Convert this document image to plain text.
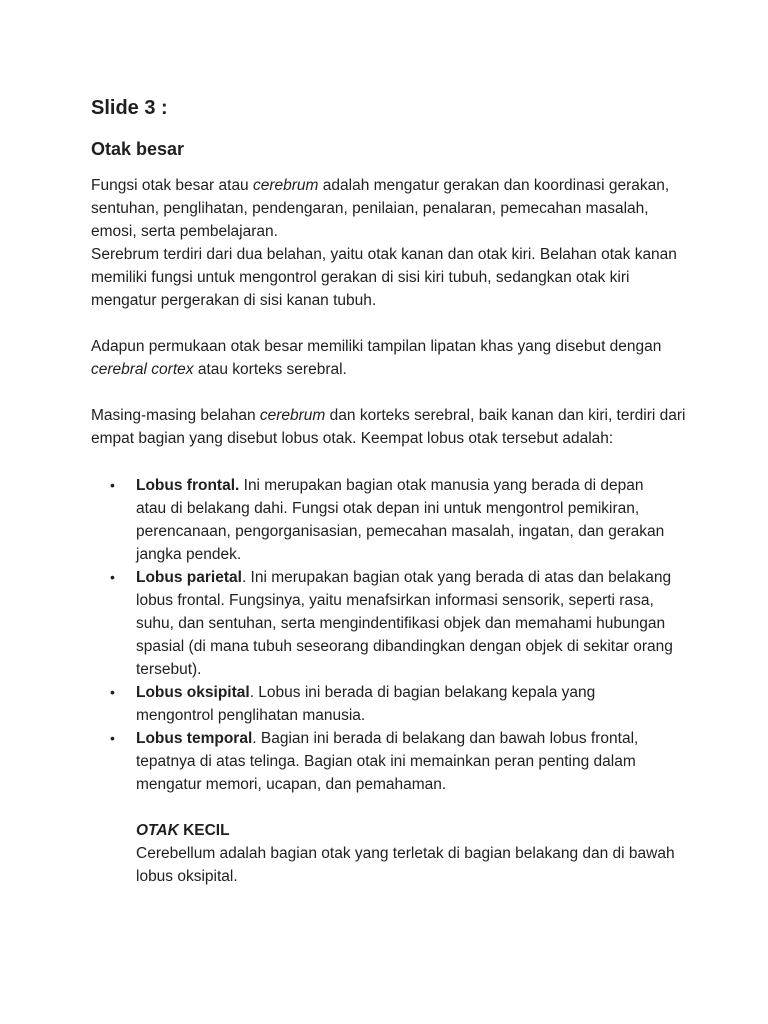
Slide 3 :
Otak besar

Fungsi otak besar atau cerebrum adalah mengatur gerakan dan koordinasi gerakan, sentuhan, penglihatan, pendengaran, penilaian, penalaran, pemecahan masalah, emosi, serta pembelajaran.

Serebrum terdiri dari dua belahan, yaitu otak kanan dan otak kiri. Belahan otak kanan memiliki fungsi untuk mengontrol gerakan di sisi kiri tubuh, sedangkan otak kiri mengatur pergerakan di sisi kanan tubuh.

Adapun permukaan otak besar memiliki tampilan lipatan khas yang disebut dengan cerebral cortex atau korteks serebral.

Masing-masing belahan cerebrum dan korteks serebral, baik kanan dan kiri, terdiri dari empat bagian yang disebut lobus otak. Keempat lobus otak tersebut adalah:

• Lobus frontal. Ini merupakan bagian otak manusia yang berada di depan atau di belakang dahi. Fungsi otak depan ini untuk mengontrol pemikiran, perencanaan, pengorganisasian, pemecahan masalah, ingatan, dan gerakan jangka pendek.
• Lobus parietal. Ini merupakan bagian otak yang berada di atas dan belakang lobus frontal. Fungsinya, yaitu menafsirkan informasi sensorik, seperti rasa, suhu, dan sentuhan, serta mengindentifikasi objek dan memahami hubungan spasial (di mana tubuh seseorang dibandingkan dengan objek di sekitar orang tersebut).
• Lobus oksipital. Lobus ini berada di bagian belakang kepala yang mengontrol penglihatan manusia.
• Lobus temporal. Bagian ini berada di belakang dan bawah lobus frontal, tepatnya di atas telinga. Bagian otak ini memainkan peran penting dalam mengatur memori, ucapan, dan pemahaman.
OTAK KECIL

Cerebellum adalah bagian otak yang terletak di bagian belakang dan di bawah lobus oksipital.
